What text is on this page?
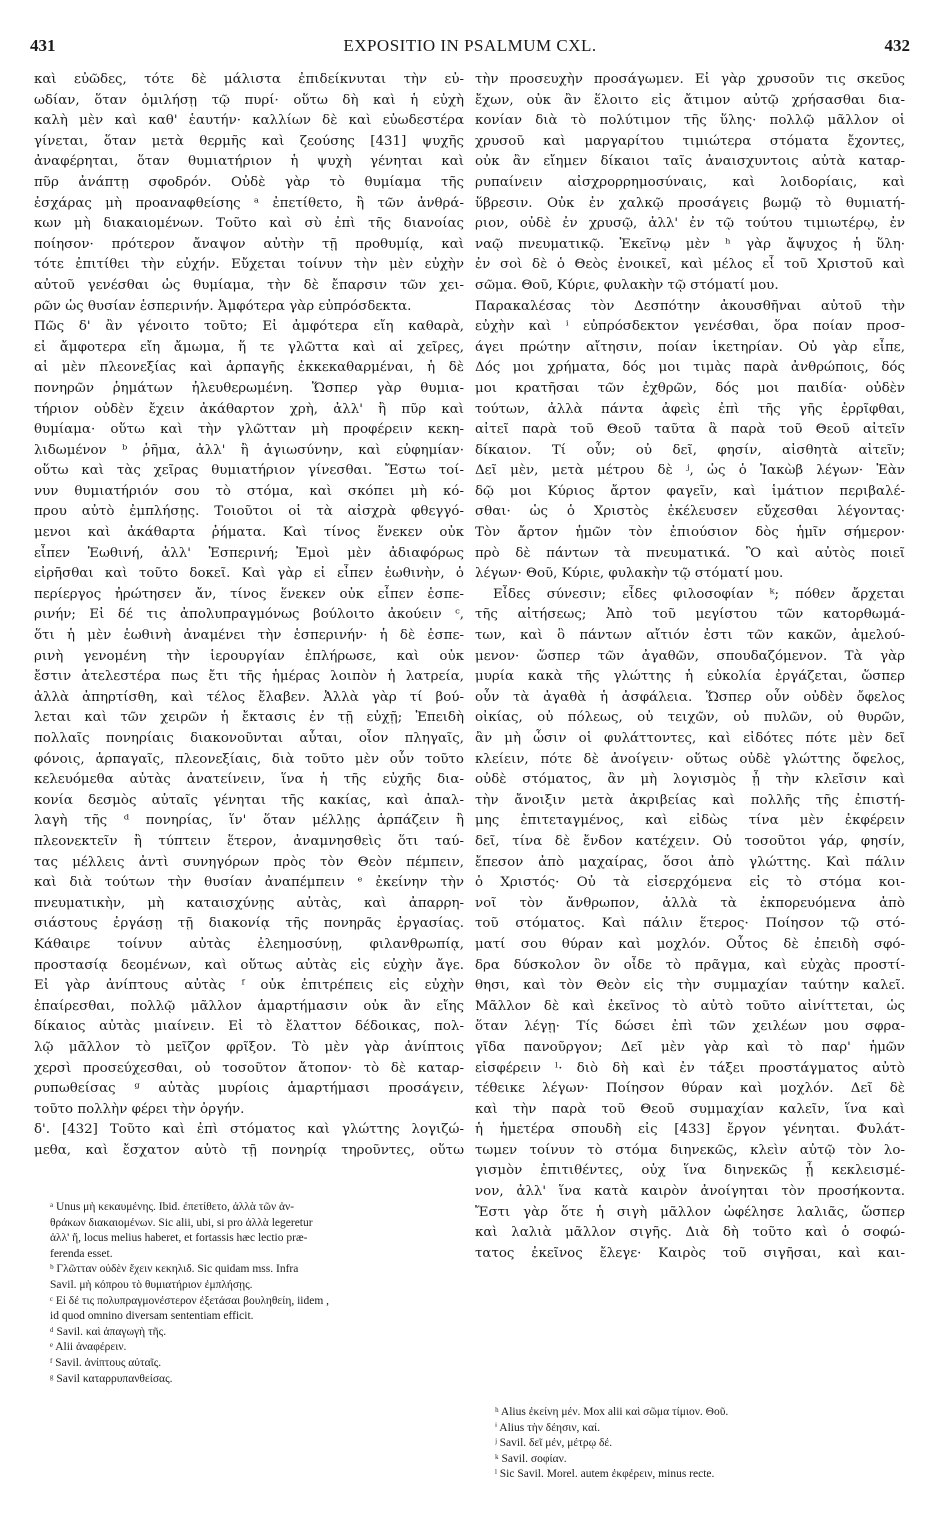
431	EXPOSITIO IN PSALMUM CXL.	432
καὶ εὐῶδες, τότε δὲ μάλιστα ἐπιδείκνυται τὴν εὐ-
ωδίαν, ὅταν ὁμιλήσῃ τῷ πυρί· οὕτω δὴ καὶ ἡ εὐχὴ
καλὴ μὲν καὶ καθ' ἑαυτήν· καλλίων δὲ καὶ εὐωδεστέρα
γίνεται, ὅταν μετὰ θερμῆς καὶ ζεούσης [431] ψυχῆς
ἀναφέρηται, ὅταν θυμιατήριον ἡ ψυχὴ γένηται καὶ
πῦρ ἀνάπτῃ σφοδρόν. Οὐδὲ γὰρ τὸ θυμίαμα τῆς
ἐσχάρας μὴ προαναφθείσης ᵃ ἐπετίθετο, ἢ τῶν ἀνθρά-
κων μὴ διακαιομένων. Τοῦτο καὶ σὺ ἐπὶ τῆς διανοίας
ποίησον· πρότερον ἄναψον αὐτὴν τῇ προθυμίᾳ, καὶ
τότε ἐπιτίθει τὴν εὐχήν. Εὔχεται τοίνυν τὴν μὲν εὐχὴν
αὐτοῦ γενέσθαι ὡς θυμίαμα, τὴν δὲ ἔπαρσιν τῶν χει-
ρῶν ὡς θυσίαν ἑσπερινήν. Ἀμφότερα γὰρ εὐπρόσδεκτα.
Πῶς δ' ἂν γένοιτο τοῦτο; Εἰ ἀμφότερα εἴη καθαρὰ,
εἰ ἄμφοτερα εἴη ἄμωμα, ἥ τε γλῶττα καὶ αἱ χεῖρες,
αἱ μὲν πλεονεξίας καὶ ἁρπαγῆς ἐκκεκαθαρμέναι, ἡ δὲ
πονηρῶν ῥημάτων ἠλευθερωμένη. Ὥσπερ γὰρ θυμια-
τήριον οὐδὲν ἔχειν ἀκάθαρτον χρὴ, ἀλλ' ἢ πῦρ καὶ
θυμίαμα· οὕτω καὶ τὴν γλῶτταν μὴ προφέρειν κεκη-
λιδωμένον ᵇ ῥῆμα, ἀλλ' ἢ ἁγιωσύνην, καὶ εὐφημίαν·
οὕτω καὶ τὰς χεῖρας θυμιατήριον γίνεσθαι. Ἔστω τοί-
νυν θυμιατήριόν σου τὸ στόμα, καὶ σκόπει μὴ κό-
πρου αὐτὸ ἐμπλήσῃς. Τοιοῦτοι οἱ τὰ αἰσχρὰ φθεγγό-
μενοι καὶ ἀκάθαρτα ῥήματα. Καὶ τίνος ἕνεκεν οὐκ
εἶπεν Ἑωθινή, ἀλλ' Ἑσπερινή; Ἐμοὶ μὲν ἀδιαφόρως
εἰρῆσθαι καὶ τοῦτο δοκεῖ. Καὶ γὰρ εἰ εἶπεν ἑωθινὴν, ὁ
περίεργος ἠρώτησεν ἄν, τίνος ἕνεκεν οὐκ εἶπεν ἑσπε-
ρινήν; Εἰ δέ τις ἀπολυπραγμόνως βούλοιτο ἀκούειν ᶜ,
ὅτι ἡ μὲν ἑωθινὴ ἀναμένει τὴν ἑσπερινήν· ἡ δὲ ἑσπε-
ρινὴ γενομένη τὴν ἱερουργίαν ἐπλήρωσε, καὶ οὐκ
ἔστιν ἀτελεστέρα πως ἔτι τῆς ἡμέρας λοιπὸν ἡ λατρεία,
ἀλλὰ ἀπηρτίσθη, καὶ τέλος ἔλαβεν. Ἀλλὰ γὰρ τί βού-
λεται καὶ τῶν χειρῶν ἡ ἔκτασις ἐν τῇ εὐχῇ; Ἐπειδὴ
πολλαῖς πονηρίαις διακονοῦνται αὗται, οἷον πληγαῖς,
φόνοις, ἁρπαγαῖς, πλεονεξίαις, διὰ τοῦτο μὲν οὖν τοῦτο
κελευόμεθα αὐτὰς ἀνατείνειν, ἵνα ἡ τῆς εὐχῆς δια-
κονία δεσμὸς αὐταῖς γένηται τῆς κακίας, καὶ ἀπαλ-
λαγὴ τῆς ᵈ πονηρίας, ἵν' ὅταν μέλλῃς ἁρπάζειν ἢ
πλεονεκτεῖν ἢ τύπτειν ἕτερον, ἀναμνησθεὶς ὅτι ταύ-
τας μέλλεις ἀντὶ συνηγόρων πρὸς τὸν Θεὸν πέμπειν,
καὶ διὰ τούτων τὴν θυσίαν ἀναπέμπειν ᵉ ἐκείνην τὴν
πνευματικὴν, μὴ καταισχύνῃς αὐτὰς, καὶ ἀπαρρη-
σιάστους ἐργάσῃ τῇ διακονίᾳ τῆς πονηρᾶς ἐργασίας.
Κάθαιρε τοίνυν αὐτὰς ἐλεημοσύνῃ, φιλανθρωπίᾳ,
προστασίᾳ δεομένων, καὶ οὕτως αὐτὰς εἰς εὐχὴν ἄγε.
Εἰ γὰρ ἀνίπτους αὐτὰς ᶠ οὐκ ἐπιτρέπεις εἰς εὐχὴν
ἐπαίρεσθαι, πολλῷ μᾶλλον ἁμαρτήμασιν οὐκ ἂν εἴης
δίκαιος αὐτὰς μιαίνειν. Εἰ τὸ ἔλαττον δέδοικας, πολ-
λῷ μᾶλλον τὸ μεῖζον φρῖξον. Τὸ μὲν γὰρ ἀνίπτοις
χερσὶ προσεύχεσθαι, οὐ τοσοῦτον ἄτοπον· τὸ δὲ καταρ-
ρυπωθείσας ᵍ αὐτὰς μυρίοις ἁμαρτήμασι προσάγειν,
τοῦτο πολλὴν φέρει τὴν ὀργήν.
δ'. [432] Τοῦτο καὶ ἐπὶ στόματος καὶ γλώττης λογιζώ-
μεθα, καὶ ἔσχατον αὐτὸ τῇ πονηρίᾳ τηροῦντες, οὕτω
τὴν προσευχὴν προσάγωμεν. Εἰ γὰρ χρυσοῦν τις σκεῦος
ἔχων, οὐκ ἂν ἕλοιτο εἰς ἄτιμον αὐτῷ χρήσασθαι δια-
κονίαν διὰ τὸ πολύτιμον τῆς ὕλης· πολλῷ μᾶλλον οἱ
χρυσοῦ καὶ μαργαρίτου τιμιώτερα στόματα ἔχοντες,
οὐκ ἂν εἴημεν δίκαιοι ταῖς ἀναισχυντοις αὐτὰ καταρ-
ρυπαίνειν αἰσχρορρημοσύναις, καὶ λοιδορίαις, καὶ
ὕβρεσιν. Οὐκ ἐν χαλκῷ προσάγεις βωμῷ τὸ θυμιατή-
ριον, οὐδὲ ἐν χρυσῷ, ἀλλ' ἐν τῷ τούτου τιμιωτέρῳ, ἐν
ναῷ πνευματικῷ. Ἐκεῖνῳ μὲν ʰ γὰρ ἄψυχος ἡ ὕλη·
ἐν σοὶ δὲ ὁ Θεὸς ἐνοικεῖ, καὶ μέλος εἶ τοῦ Χριστοῦ καὶ
σῶμα. Θοῦ, Κύριε, φυλακὴν τῷ στόματί μου.
Παρακαλέσας τὸν Δεσπότην ἀκουσθῆναι αὐτοῦ τὴν
εὐχὴν καὶ ⁱ εὐπρόσδεκτον γενέσθαι, ὅρα ποίαν προσ-
άγει πρώτην αἴτησιν, ποίαν ἱκετηρίαν. Οὐ γὰρ εἶπε,
Δός μοι χρήματα, δός μοι τιμὰς παρὰ ἀνθρώποις, δός
μοι κρατῆσαι τῶν ἐχθρῶν, δός μοι παιδία· οὐδὲν
τούτων, ἀλλὰ πάντα ἀφεὶς ἐπὶ τῆς γῆς ἐρρῖφθαι,
αἰτεῖ παρὰ τοῦ Θεοῦ ταῦτα ἃ παρὰ τοῦ Θεοῦ αἰτεῖν
δίκαιον. Τί οὖν; οὐ δεῖ, φησίν, αἰσθητὰ αἰτεῖν;
Δεῖ μὲν, μετὰ μέτρου δὲ ʲ, ὡς ὁ Ἰακὼβ λέγων· Ἐὰν
δῷ μοι Κύριος ἄρτον φαγεῖν, καὶ ἱμάτιον περιβαλέ-
σθαι· ὡς ὁ Χριστὸς ἐκέλευσεν εὔχεσθαι λέγοντας·
Τὸν ἄρτον ἡμῶν τὸν ἐπιούσιον δὸς ἡμῖν σήμερον·
πρὸ δὲ πάντων τὰ πνευματικά. Ὃ καὶ αὐτὸς ποιεῖ
λέγων· Θοῦ, Κύριε, φυλακὴν τῷ στόματί μου.
Εἶδες σύνεσιν; εἶδες φιλοσοφίαν ᵏ; πόθεν ἄρχεται
τῆς αἰτήσεως; Ἀπὸ τοῦ μεγίστου τῶν κατορθωμά-
των, καὶ ὃ πάντων αἴτιόν ἐστι τῶν κακῶν, ἀμελού-
μενον· ὥσπερ τῶν ἀγαθῶν, σπουδαζόμενον. Τὰ γὰρ
μυρία κακὰ τῆς γλώττης ἡ εὐκολία ἐργάζεται, ὥσπερ
οὖν τὰ ἀγαθὰ ἡ ἀσφάλεια. Ὥσπερ οὖν οὐδὲν ὄφελος
οἰκίας, οὐ πόλεως, οὐ τειχῶν, οὐ πυλῶν, οὐ θυρῶν,
ἂν μὴ ὦσιν οἱ φυλάττοντες, καὶ εἰδότες πότε μὲν δεῖ
κλείειν, πότε δὲ ἀνοίγειν· οὕτως οὐδὲ γλώττης ὄφελος,
οὐδὲ στόματος, ἂν μὴ λογισμὸς ᾖ τὴν κλεῖσιν καὶ
τὴν ἄνοιξιν μετὰ ἀκριβείας καὶ πολλῆς τῆς ἐπιστή-
μης ἐπιτεταγμένος, καὶ εἰδὼς τίνα μὲν ἐκφέρειν
δεῖ, τίνα δὲ ἔνδον κατέχειν. Οὐ τοσοῦτοι γάρ, φησίν,
ἔπεσον ἀπὸ μαχαίρας, ὅσοι ἀπὸ γλώττης. Καὶ πάλιν
ὁ Χριστός· Οὐ τὰ εἰσερχόμενα εἰς τὸ στόμα κοι-
νοῖ τὸν ἄνθρωπον, ἀλλὰ τὰ ἐκπορευόμενα ἀπὸ
τοῦ στόματος. Καὶ πάλιν ἕτερος· Ποίησον τῷ στό-
ματί σου θύραν καὶ μοχλόν. Οὗτος δὲ ἐπειδὴ σφό-
δρα δύσκολον ὂν οἶδε τὸ πρᾶγμα, καὶ εὐχὰς προστί-
θησι, καὶ τὸν Θεὸν εἰς τὴν συμμαχίαν ταύτην καλεῖ.
Μᾶλλον δὲ καὶ ἐκεῖνος τὸ αὐτὸ τοῦτο αἰνίττεται, ὡς
ὅταν λέγῃ· Τίς δώσει ἐπὶ τῶν χειλέων μου σφρα-
γῖδα πανοῦργον; Δεῖ μὲν γὰρ καὶ τὸ παρ' ἡμῶν
εἰσφέρειν ˡ· διὸ δὴ καὶ ἐν τάξει προστάγματος αὐτὸ
τέθεικε λέγων· Ποίησον θύραν καὶ μοχλόν. Δεῖ δὲ
καὶ τὴν παρὰ τοῦ Θεοῦ συμμαχίαν καλεῖν, ἵνα καὶ
ἡ ἡμετέρα σπουδὴ εἰς [433] ἔργον γένηται. Φυλάτ-
τωμεν τοίνυν τὸ στόμα διηνεκῶς, κλεὶν αὐτῷ τὸν λο-
γισμὸν ἐπιτιθέντες, οὐχ ἵνα διηνεκῶς ᾖ κεκλεισμέ-
νον, ἀλλ' ἵνα κατὰ καιρὸν ἀνοίγηται τὸν προσήκοντα.
Ἔστι γὰρ ὅτε ἡ σιγὴ μᾶλλον ὠφέλησε λαλιᾶς, ὥσπερ
καὶ λαλιὰ μᾶλλον σιγῆς. Διὰ δὴ τοῦτο καὶ ὁ σοφώ-
τατος ἐκεῖνος ἔλεγε· Καιρὸς τοῦ σιγῆσαι, καὶ και-
ᵃ Unus μὴ κεκαυμένης. Ibid. ἐπετίθετο, ἀλλὰ τῶν ἀν-
θράκων διακαιομένων. Sic alii, ubi, si pro ἀλλὰ legeretur
ἀλλ' ἤ, locus melius haberet, et fortassis hæc lectio præ-
ferenda esset.
ᵇ Γλῶτταν οὐδὲν ἔχειν κεκηλιδ. Sic quidam mss. Infra
Savil. μὴ κόπρου τὸ θυμιατήριον ἐμπλήσῃς.
ᶜ Εἰ δέ τις πολυπραγμονέστερον ἐξετάσαι βουληθείη, iidem ,
id quod omnino diversam sententiam efficit.
ᵈ Savil. καὶ ἀπαγωγὴ τῆς.
ᵉ Alii ἀναφέρειν.
ᶠ Savil. ἀνίπτους αὐταῖς.
ᵍ Savil καταρρυπανθείσας.
ʰ Alius ἐκείνη μέν. Mox alii καὶ σῶμα τίμιον. Θοῦ.
ⁱ Alius τὴν δέησιν, καί.
ʲ Savil. δεῖ μέν, μέτρῳ δέ.
ᵏ Savil. σοφίαν.
ˡ Sic Savil. Morel. autem ἐκφέρειν, minus recte.
